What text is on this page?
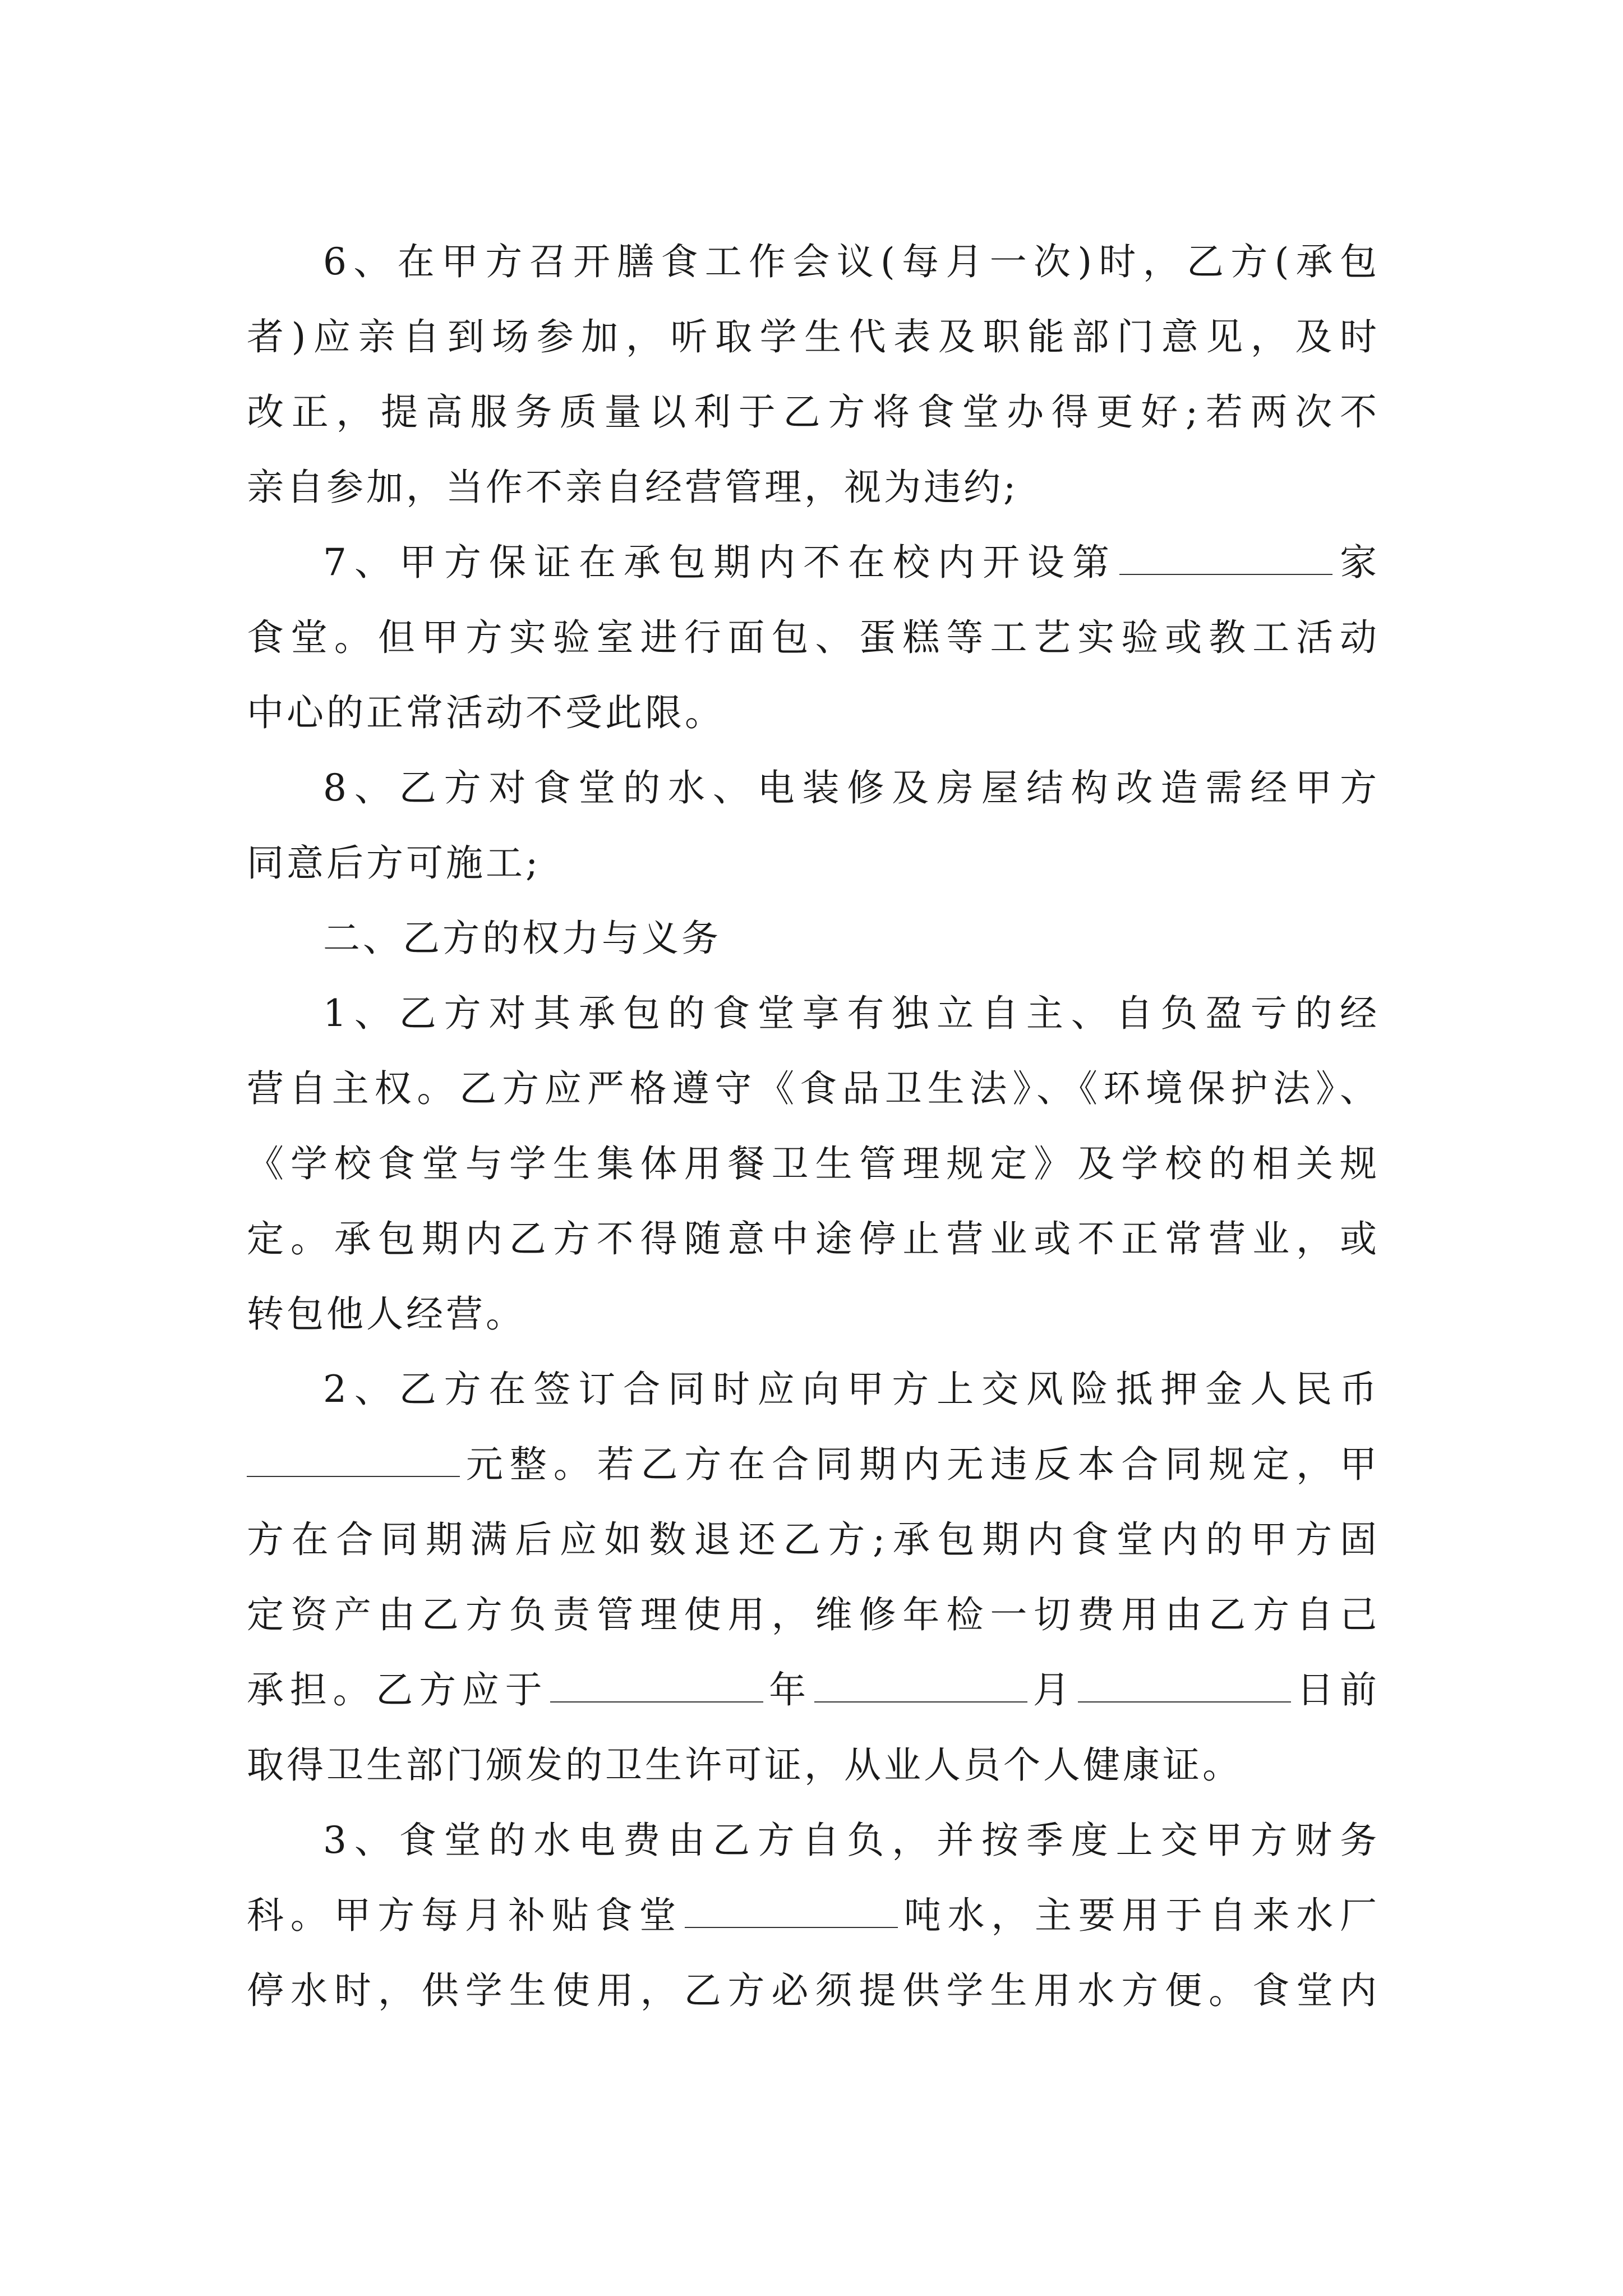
6、在甲方召开膳食工作会议(每月一次)时，乙方(承包
者)应亲自到场参加，听取学生代表及职能部门意见，及时
改正，提高服务质量以利于乙方将食堂办得更好;若两次不
亲自参加，当作不亲自经营管理，视为违约;
7、甲方保证在承包期内不在校内开设第	家
食堂。但甲方实验室进行面包、蛋糕等工艺实验或教工活动
中心的正常活动不受此限。
8、乙方对食堂的水、电装修及房屋结构改造需经甲方
同意后方可施工;
二、乙方的权力与义务
1、乙方对其承包的食堂享有独立自主、自负盈亏的经
营自主权。乙方应严格遵守《食品卫生法》、《环境保护法》、
《学校食堂与学生集体用餐卫生管理规定》及学校的相关规
定。承包期内乙方不得随意中途停止营业或不正常营业，或
转包他人经营。
2、乙方在签订合同时应向甲方上交风险抵押金人民币
元整。若乙方在合同期内无违反本合同规定，甲
方在合同期满后应如数退还乙方;承包期内食堂内的甲方固
定资产由乙方负责管理使用，维修年检一切费用由乙方自己
承担。乙方应于	年	月	日前
取得卫生部门颁发的卫生许可证，从业人员个人健康证。
3、食堂的水电费由乙方自负，并按季度上交甲方财务
科。甲方每月补贴食堂	吨水，主要用于自来水厂
停水时，供学生使用，乙方必须提供学生用水方便。食堂内
